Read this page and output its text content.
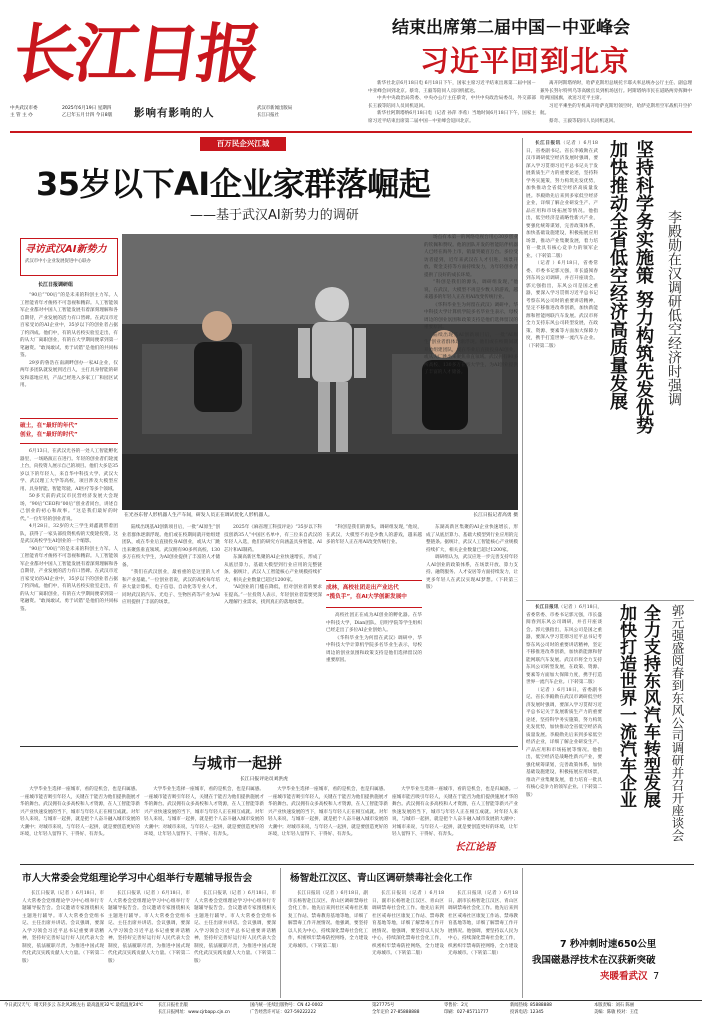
长江日报
中共武汉市委
主 管 主 办
2025年6月19日 星期四
乙巳年五月廿四 今日8版	影响有影响的人	武汉市新闻出版局
长江日报社
结束出席第二届中国－中亚峰会
习近平回到北京

新华社北京6月18日电 6月18日下午，国家主席习近平结束出席第二届中国－中亚峰会回到北京。蔡奇、王毅等陪同人员同机抵达。

中共中央政治局常委、中央办公厅主任蔡奇，中共中央政治局委员、外交部部长王毅等陪同人员同机返回。

新华社阿斯塔纳6月18日电（记者 孙萍 李希）当地时间6月18日下午，国家主席习近平结束出席第二届中国－中亚峰会返回北京。

离开阿斯塔纳时，哈萨克斯坦总统托卡耶夫率总统办公厅主任、副总理兼外长努尔特列乌等高级官员到机场送行。阿斯塔纳市民在道路两旁挥舞中哈两国国旗，欢送习近平主席。

习近平乘坐的专机离开哈萨克斯坦领空时，哈萨克斯坦空军战机升空护航。

蔡奇、王毅等陪同人员同机返回。

百万民企兴江城
35岁以下AI企业家群落崛起
——基于武汉AI新势力的调研
寻访武汉AI新势力
武汉市中小企业发展促进中心联办
长江日报调研组
在光谷东智人形机器人生产车间，研发人员正在调试优化人形机器人。	长江日报记者高勇 摄

“90后”“00后”的是未来的科创主力军。人工智能青年才俊将不可忽视和精彩。人工智能领军企业都对中国人工智能发展有着深刻理解和各自期待，产业发展的活力有口皆碑。在武汉市近百家受访的AI企业中，35岁以下的创业者占据了约四成。他们中，有的从名校实验室走出，有的从大厂离职创业，有的在大学期间便拿到第一笔融资。“敢闯敢试、勇于试错”是他们的共同标签。

29岁的鲁浩在南湖畔创办一家AI企业，仅两年多团队就发展到近百人，主打具身智能的研发和落地应用，产品已经进入多家工厂和园区试用。

破土，在“最好的年代”
创业，在“最好的时代”

6月13日，在武汉光谷的一处人工智能孵化器里，一场路演正在进行。年轻的创业者们轮流上台，向投资人展示自己的项目。他们大多是35岁以下的年轻人，来自华中科技大学、武汉大学、武汉理工大学等高校，项目涉及大模型应用、具身智能、智能驾驶、AI医疗等多个领域。

50多天前的武汉市民营经济发展大会现场，“90后”CEO和“00后”创业者同台，讲述自己创业的初心和故事。“这是我们最好的时代。”一位年轻的创业者说。

4月28日，32岁的大三学生刘鑫就带着团队，获得了一家头部投资机构的天使轮投资。这是武汉高校学生AI创业的一个缩影。

“90后”“00后”的是未来的科创主力军。人工智能青年才俊将不可忽视和精彩。人工智能领军企业都对中国人工智能发展有着深刻理解和各自期待，产业发展的活力有口皆碑。在武汉市近百家受访的AI企业中，35岁以下的创业者占据了约四成。他们中，有的从名校实验室走出，有的从大厂离职创业，有的在大学期间便拿到第一笔融资。“敢闯敢试、勇于试错”是他们的共同标签。

陆续出现基AI创新项目后，一批“AI原生”创业者群体逐渐浮现。他们或在校期间就开始组建团队，或在毕业后直接投身AI创业，或从大厂跳出来聚焦垂直领域。武汉拥有90多所高校、130多万在校大学生，为AI创业提供了丰富的人才储备。

“我们在武汉创业，最看重的是这里的人才和产业基础。”一位创业者说，武汉的高校每年培养大量计算机、电子信息、自动化等专业人才，同时武汉的汽车、光电子、生物医药等产业为AI应用提供了丰富的场景。

2025年《麻省理工科技评论》“35岁以下科技创新35人”中国区名单中，有三位来自武汉的年轻人入选，他们的研究方向涵盖具身智能、AI芯片和AI制药。

东湖高新区集聚的AI企业快速增长，形成了从底层算力、基础大模型到行业应用的完整链条。据统计，武汉人工智能核心产业规模持续扩大，相关企业数量已超过1200家。

“AI创业的门槛在降低，但对创业者的要求在提高。”一位投资人表示，年轻创业者需要更深入理解行业需求，找到真正的落地场景。

“科创是我们的源头，调研组发现，”他说，在武汉，大模型不再是少数人的游戏，越来越多的年轻人正在用AI改变传统行业。

成林，高校社团走出产业达代
“揽负手”，在AI大学创新发展中

高校社团正在成为AI创业的孵化器。在华中科技大学，Dian团队、启明学院等学生组织已经走出了多位AI企业创始人。

《华科毕业生为何留在武汉》调研中，华中科技大学计算机学院多名毕业生表示，母校周边的创业氛围和政策支持是他们选择留汉的重要原因。

场点有本第一的网络电视台用心30岁创业的钦佩和赞叹。他的团队开发的智能陪伴机器人已经在海外上市，销量突破百万台。多位受访者提到，近年来武汉在人才引进、场景开放、资金支持等方面持续发力，为年轻创业者提供了良好的成长环境。

“科创是我们的源头，调研组发现，”他说，在武汉，大模型不再是少数人的游戏，越来越多的年轻人正在用AI改变传统行业。

《华科毕业生为何留在武汉》调研中，华中科技大学计算机学院多名毕业生表示，母校周边的创业氛围和政策支持是他们选择留汉的重要原因。

陆续出现基AI创新项目后，一批“AI原生”创业者群体逐渐浮现。他们或在校期间就开始组建团队，或在毕业后直接投身AI创业，或从大厂跳出来聚焦垂直领域。武汉拥有90多所高校、130多万在校大学生，为AI创业提供了丰富的人才储备。

东湖高新区集聚的AI企业快速增长，形成了从底层算力、基础大模型到行业应用的完整链条。据统计，武汉人工智能核心产业规模持续扩大，相关企业数量已超过1200家。

调研组认为，武汉应进一步完善支持年轻人AI创业的政策体系，在场景开放、算力支持、融资服务、人才安居等方面持续发力，让更多年轻人在武汉实现AI梦想。（下转第三版）

长江日报讯（记者 ）6月18日，省委副书记、省长李殿勋在武汉市调研低空经济发展时强调，要深入学习贯彻习近平总书记关于发展新质生产力的重要论述，坚持科学务实施策，努力构筑先发优势，加快推动全省低空经济高质量发展。李殿勋先后来到多家低空经济企业，详细了解企业研发生产、产品应用和市场拓展等情况。他指出，低空经济是战略性新兴产业，要强化统筹谋划，完善政策体系，加快基础设施建设，积极拓展应用场景，推动产业集聚发展，着力培育一批具有核心竞争力的领军企业。（下转第二版）

（记者 ）6月18日，省委常委、市委书记郭元强，市长盛阅春到东风公司调研，并召开座谈会。郭元强指出，东风公司是国之重器，要深入学习贯彻习近平总书记考察东风公司时的重要讲话精神，坚定不移推进改革创新，加快新能源和智能网联汽车发展。武汉市将全力支持东风公司转型发展，在政策、资源、要素等方面加大保障力度，携手打造世界一流汽车企业。（下转第二版）

坚持科学务实施策 努力构筑先发优势
加快推动全省低空经济高质量发展	李殿勋在汉调研低空经济时强调

长江日报讯（记者 ）6月18日，省委常委、市委书记郭元强，市长盛阅春到东风公司调研，并召开座谈会。郭元强指出，东风公司是国之重器，要深入学习贯彻习近平总书记考察东风公司时的重要讲话精神，坚定不移推进改革创新，加快新能源和智能网联汽车发展。武汉市将全力支持东风公司转型发展，在政策、资源、要素等方面加大保障力度，携手打造世界一流汽车企业。（下转第二版）

（记者 ）6月18日，省委副书记、省长李殿勋在武汉市调研低空经济发展时强调，要深入学习贯彻习近平总书记关于发展新质生产力的重要论述，坚持科学务实施策，努力构筑先发优势，加快推动全省低空经济高质量发展。李殿勋先后来到多家低空经济企业，详细了解企业研发生产、产品应用和市场拓展等情况。他指出，低空经济是战略性新兴产业，要强化统筹谋划，完善政策体系，加快基础设施建设，积极拓展应用场景，推动产业集聚发展，着力培育一批具有核心竞争力的领军企业。（下转第二版）	全力支持东风汽车转型发展
加快打造世界一流汽车企业	郭元强盛阅春到东风公司调研并召开座谈会
与城市一起拼
长江日报评论员刘洪虎

大学毕业生选择一座城市，看的是机会，也是归属感。一座城市能否吸引年轻人，关键在于能否为他们提供施展才华的舞台。武汉拥有众多高校和人才资源，在人工智能等新兴产业快速发展的当下，城市与年轻人正在相互成就。对年轻人来说，与城市一起拼，就是把个人奋斗融入城市发展的大潮中；对城市来说，与年轻人一起拼，就是要创造更好的环境，让年轻人留得下、干得好、有奔头。

大学毕业生选择一座城市，看的是机会，也是归属感。一座城市能否吸引年轻人，关键在于能否为他们提供施展才华的舞台。武汉拥有众多高校和人才资源，在人工智能等新兴产业快速发展的当下，城市与年轻人正在相互成就。对年轻人来说，与城市一起拼，就是把个人奋斗融入城市发展的大潮中；对城市来说，与年轻人一起拼，就是要创造更好的环境，让年轻人留得下、干得好、有奔头。

大学毕业生选择一座城市，看的是机会，也是归属感。一座城市能否吸引年轻人，关键在于能否为他们提供施展才华的舞台。武汉拥有众多高校和人才资源，在人工智能等新兴产业快速发展的当下，城市与年轻人正在相互成就。对年轻人来说，与城市一起拼，就是把个人奋斗融入城市发展的大潮中；对城市来说，与年轻人一起拼，就是要创造更好的环境，让年轻人留得下、干得好、有奔头。

大学毕业生选择一座城市，看的是机会，也是归属感。一座城市能否吸引年轻人，关键在于能否为他们提供施展才华的舞台。武汉拥有众多高校和人才资源，在人工智能等新兴产业快速发展的当下，城市与年轻人正在相互成就。对年轻人来说，与城市一起拼，就是把个人奋斗融入城市发展的大潮中；对城市来说，与年轻人一起拼，就是要创造更好的环境，让年轻人留得下、干得好、有奔头。

长江论语
市人大常委会党组理论学习中心组举行专题辅导报告会

长江日报讯（记者 ）6月18日，市人大常委会党组理论学习中心组举行专题辅导报告会。会议邀请专家围绕相关主题进行辅导。市人大常委会党组书记、主任出席并讲话。会议强调，要深入学习领会习近平总书记重要讲话精神，坚持好完善好运行好人民代表大会制度，依法履职尽责，为推进中国式现代化武汉实践贡献人大力量。（下转第二版）

长江日报讯（记者 ）6月18日，市人大常委会党组理论学习中心组举行专题辅导报告会。会议邀请专家围绕相关主题进行辅导。市人大常委会党组书记、主任出席并讲话。会议强调，要深入学习领会习近平总书记重要讲话精神，坚持好完善好运行好人民代表大会制度，依法履职尽责，为推进中国式现代化武汉实践贡献人大力量。（下转第二版）

长江日报讯（记者 ）6月18日，市人大常委会党组理论学习中心组举行专题辅导报告会。会议邀请专家围绕相关主题进行辅导。市人大常委会党组书记、主任出席并讲话。会议强调，要深入学习领会习近平总书记重要讲话精神，坚持好完善好运行好人民代表大会制度，依法履职尽责，为推进中国式现代化武汉实践贡献人大力量。（下转第二版）

杨智赴江汉区、青山区调研禁毒社会化工作

长江日报讯（记者 ）6月18日，副市长杨智赴江汉区、青山区调研禁毒社会化工作。他先后来到社区戒毒社区康复工作站、禁毒教育基地等地，详细了解禁毒工作开展情况。他强调，要坚持以人民为中心，持续深化禁毒社会化工作，织密织牢禁毒防控网络，全力建设无毒城市。（下转第二版）

长江日报讯（记者 ）6月18日，副市长杨智赴江汉区、青山区调研禁毒社会化工作。他先后来到社区戒毒社区康复工作站、禁毒教育基地等地，详细了解禁毒工作开展情况。他强调，要坚持以人民为中心，持续深化禁毒社会化工作，织密织牢禁毒防控网络，全力建设无毒城市。（下转第二版）

长江日报讯（记者 ）6月18日，副市长杨智赴江汉区、青山区调研禁毒社会化工作。他先后来到社区戒毒社区康复工作站、禁毒教育基地等地，详细了解禁毒工作开展情况。他强调，要坚持以人民为中心，持续深化禁毒社会化工作，织密织牢禁毒防控网络，全力建设无毒城市。（下转第二版）

7 秒冲刺时速650公里
我国磁悬浮技术在汉获新突破
夹暖看武汉 7
今日武汉天气：晴天转多云 东北风2级左右 最高温度32℃ 最低温度24℃	长江日报社出版
长江日报网址：www.cjrbapp.cjn.cn
国内统一连续出版物号：CN 42-0002
广告经营许可证：027-59222222
第27775号
全年定价 27-85888888
零售价：2元
印刷：027-85711777
新闻热线: 85888888
投诉电话: 12345
本版责编：刘石 陈丽
美编：陈敏 校对：王佳
